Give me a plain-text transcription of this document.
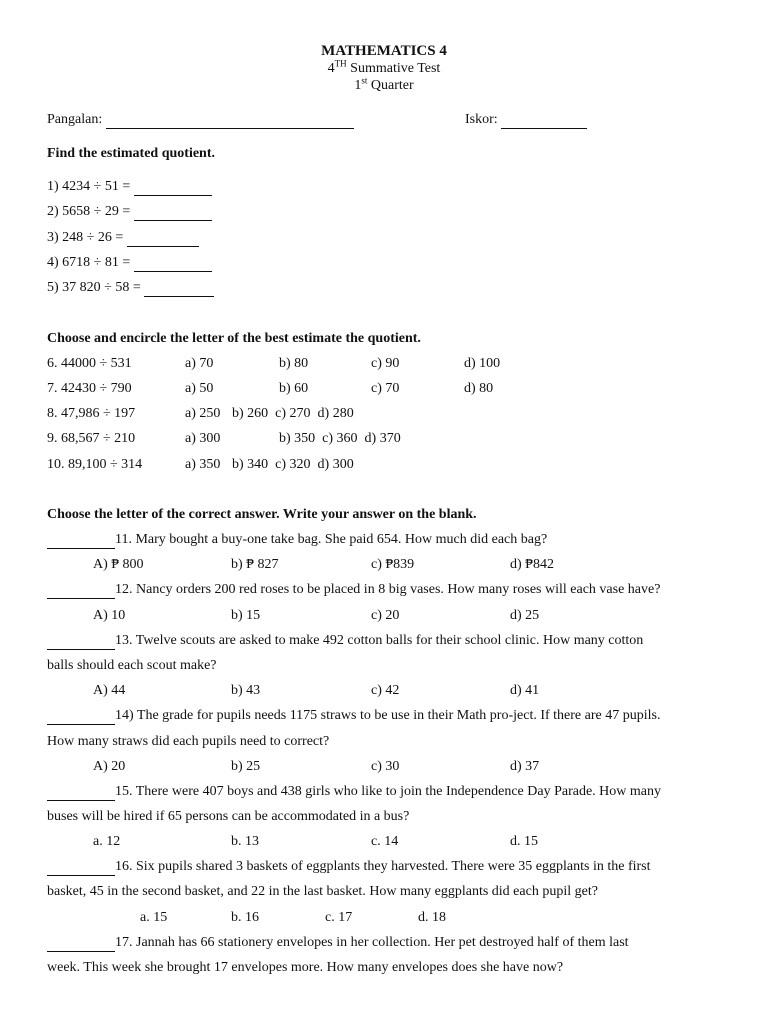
MATHEMATICS 4
4TH Summative Test
1st Quarter
Pangalan:	Iskor:
Find the estimated quotient.
1) 4234 ÷ 51 =
2) 5658 ÷ 29 =
3) 248 ÷ 26 =
4) 6718 ÷ 81 =
5) 37 820 ÷ 58 =
Choose and encircle the letter of the best estimate the quotient.
6. 44000 ÷ 531	a) 70	b) 80	c) 90	d) 100
7. 42430 ÷ 790	a) 50	b) 60	c) 70	d) 80
8. 47,986 ÷ 197	a) 250 b) 260  c) 270  d) 280
9. 68,567 ÷ 210	a) 300	b) 350  c) 360  d) 370
10. 89,100 ÷ 314	a) 350 b) 340  c) 320  d) 300
Choose the letter of the correct answer. Write your answer on the blank.
11. Mary bought a buy-one take bag. She paid 654. How much did each bag?
A) ₱ 800	b) ₱ 827	c) ₱839	d) ₱842
12. Nancy orders 200 red roses to be placed in 8 big vases. How many roses will each vase have?
A) 10	b) 15	c) 20	d) 25
13. Twelve scouts are asked to make 492 cotton balls for their school clinic. How many cotton
balls should each scout make?
A) 44	b) 43	c) 42	d) 41
14) The grade for pupils needs 1175 straws to be use in their Math pro-ject. If there are 47 pupils.
How many straws did each pupils need to correct?
A) 20	b) 25	c) 30	d) 37
15. There were 407 boys and 438 girls who like to join the Independence Day Parade. How many
buses will be hired if 65 persons can be accommodated in a bus?
a. 12	b. 13	c. 14	d. 15
16. Six pupils shared 3 baskets of eggplants they harvested. There were 35 eggplants in the first
basket, 45 in the second basket, and 22 in the last basket. How many eggplants did each pupil get?
a. 15	b. 16	c. 17	d. 18
17. Jannah has 66 stationery envelopes in her collection. Her pet destroyed half of them last
week. This week she brought 17 envelopes more. How many envelopes does she have now?
